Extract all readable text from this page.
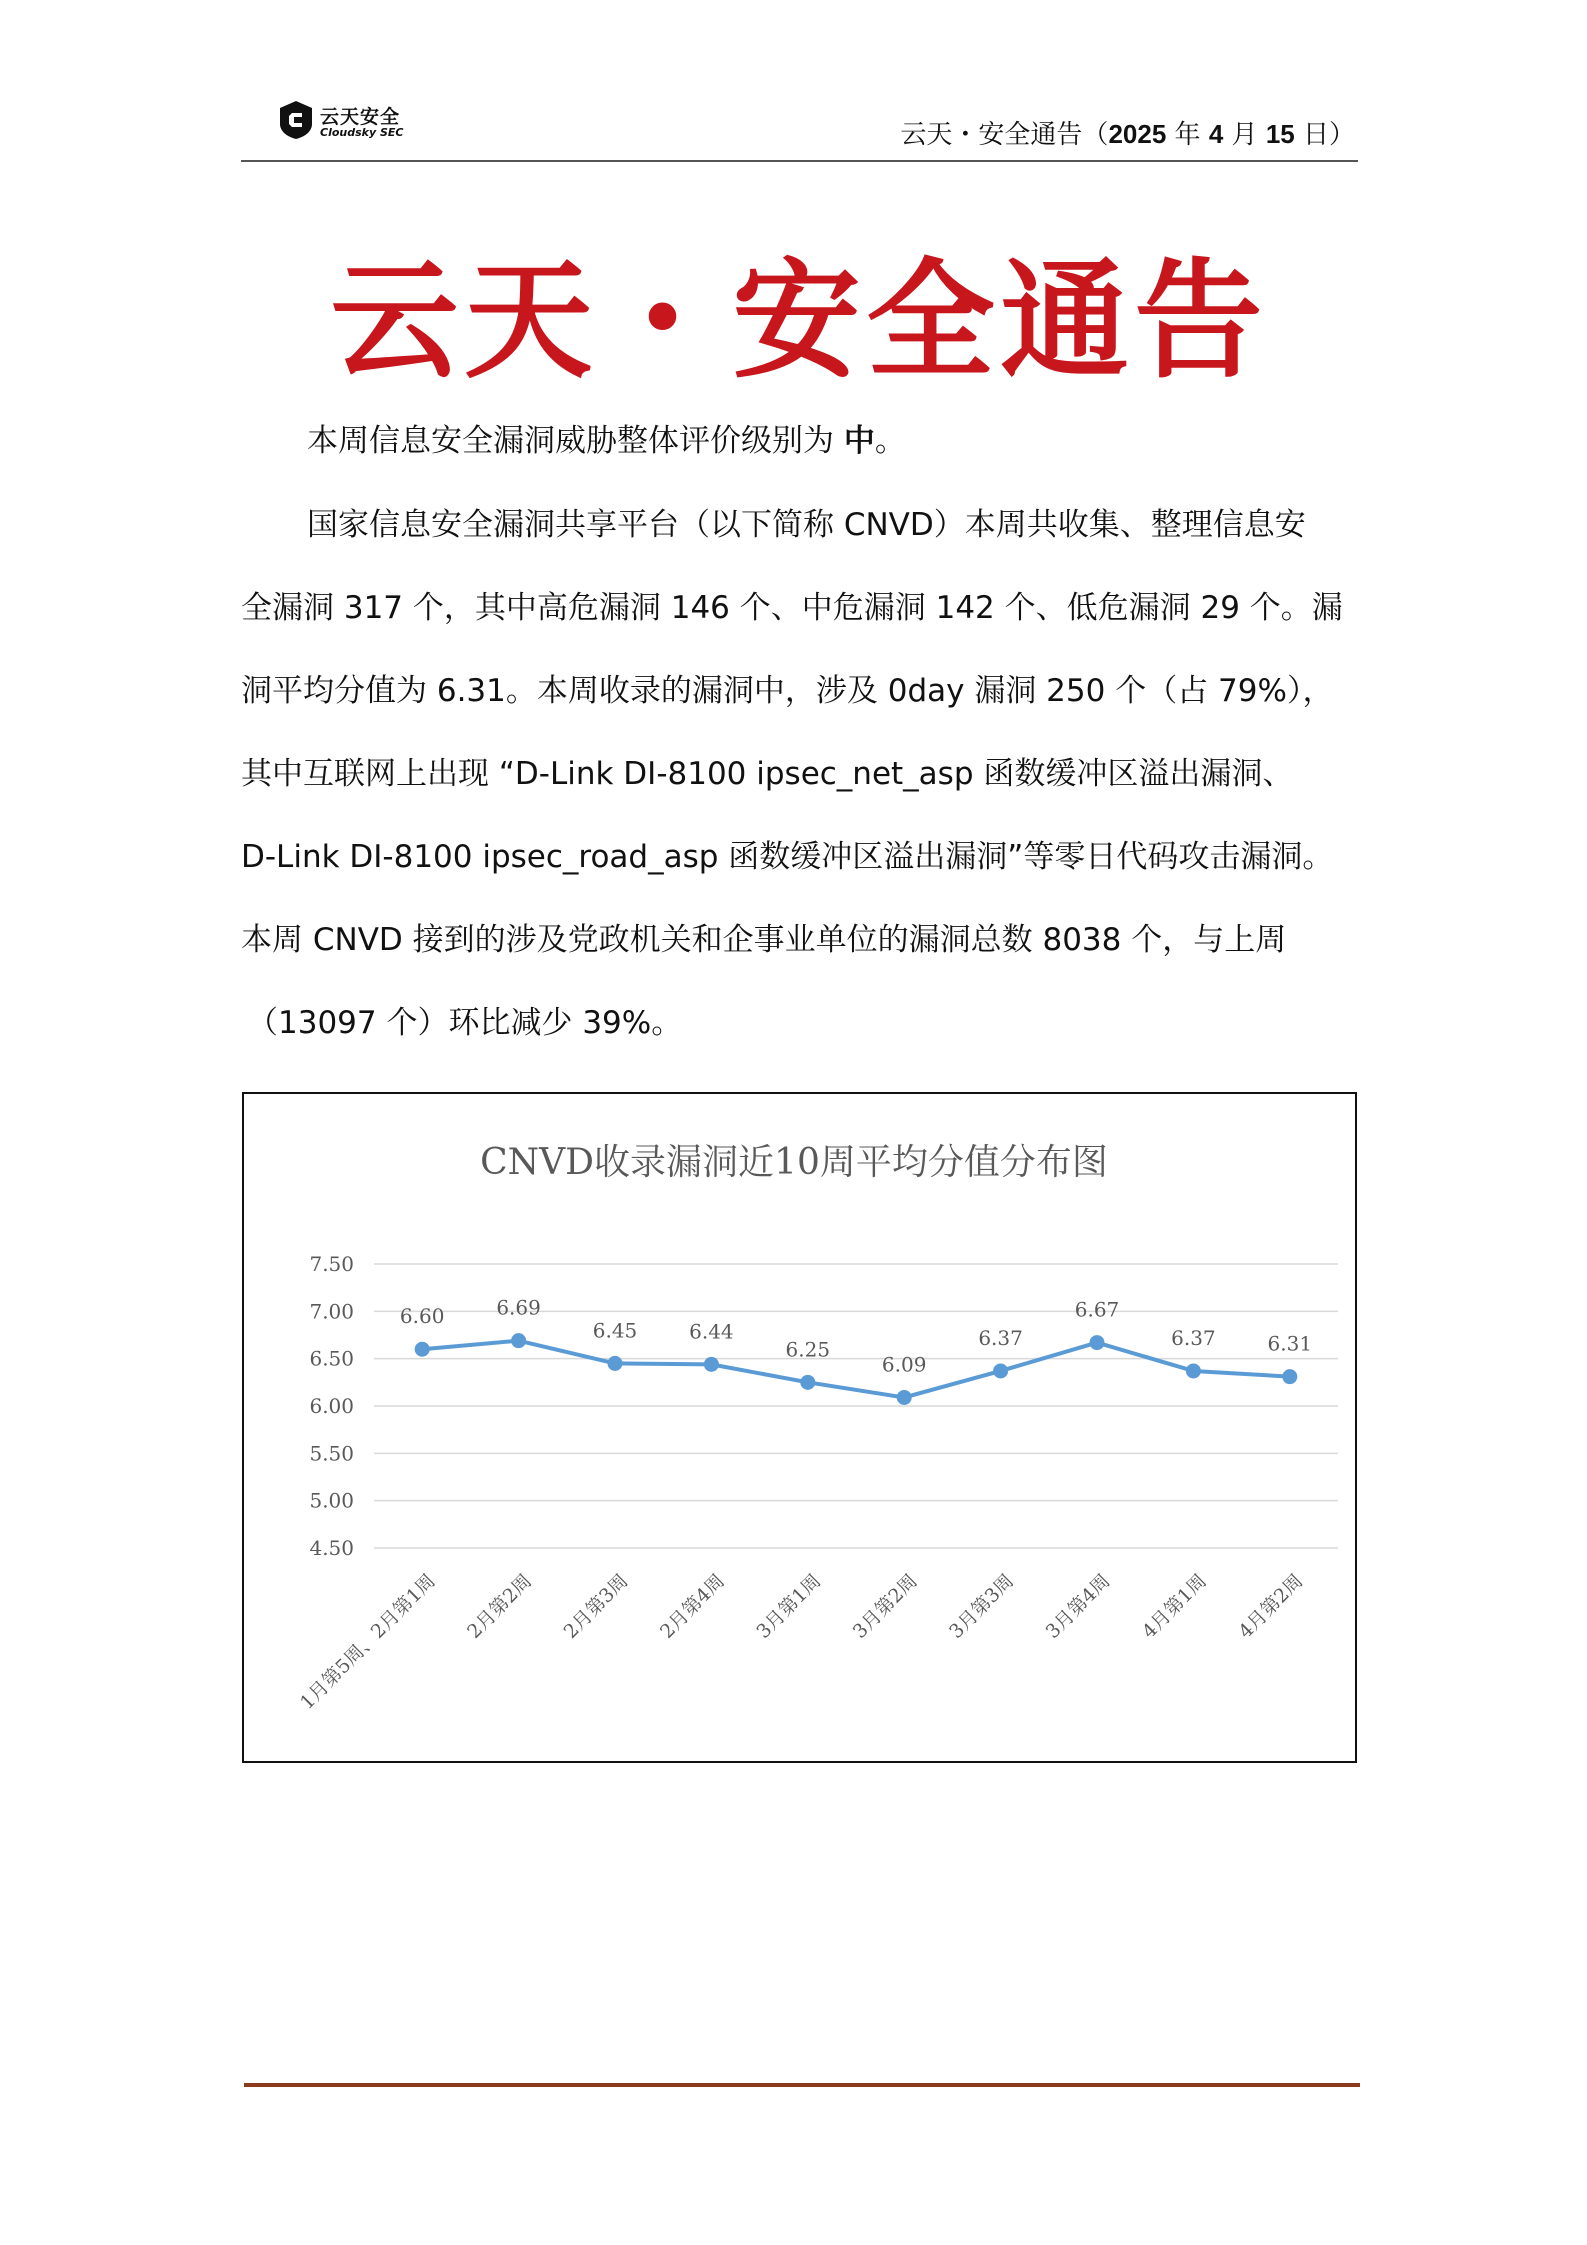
云天安全
Cloudsky SEC	云天・安全通告（2025 年 4 月 15 日）
云天・安全通告
本周信息安全漏洞威胁整体评价级别为 中。
国家信息安全漏洞共享平台（以下简称 CNVD）本周共收集、整理信息安
全漏洞 317 个，其中高危漏洞 146 个、中危漏洞 142 个、低危漏洞 29 个。漏
洞平均分值为 6.31。本周收录的漏洞中，涉及 0day 漏洞 250 个（占 79%），
其中互联网上出现 “D-Link DI-8100 ipsec_net_asp 函数缓冲区溢出漏洞、
D-Link DI-8100 ipsec_road_asp 函数缓冲区溢出漏洞”等零日代码攻击漏洞。
本周 CNVD 接到的涉及党政机关和企事业单位的漏洞总数 8038 个，与上周
（13097 个）环比减少 39%。
CNVD收录漏洞近10周平均分值分布图
7.50
7.00
6.50
6.00
5.50
5.00
4.50
6.60	6.69
6.45	6.44
6.25
6.09
6.37
6.67
6.37	6.31
1月第5周、2月第1周 2月第2周 2月第3周 2月第4周 3月第1周 3月第2周 3月第3周 3月第4周 4月第1周 4月第2周
